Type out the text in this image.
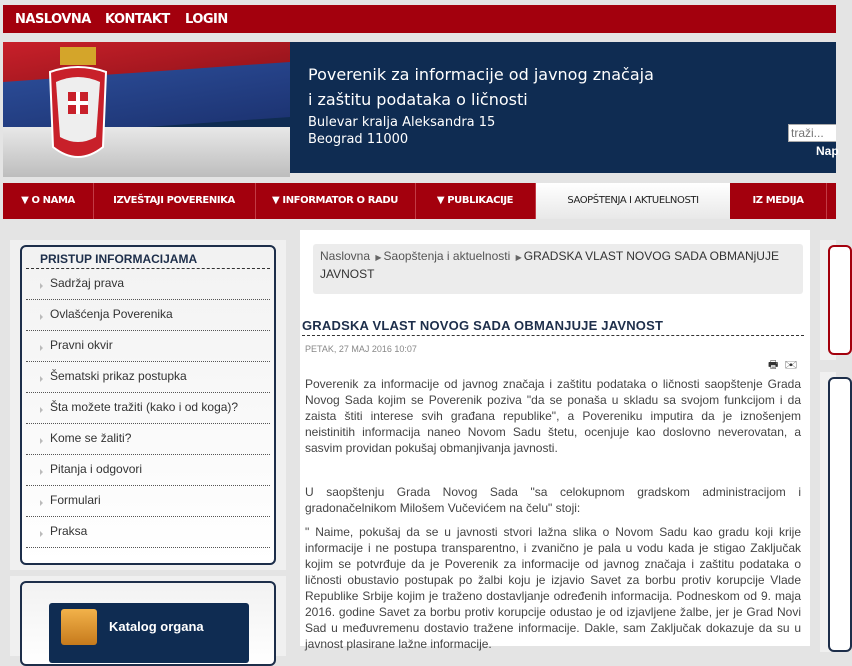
NASLOVNA KONTAKT LOGIN
Poverenik za informacije od javnog značaja
i zaštitu podataka o ličnosti
Bulevar kralja Aleksandra 15
Beograd 11000
traži...
Nap
▼ O NAMA	IZVEŠTAJI POVERENIKA	▼ INFORMATOR O RADU	▼ PUBLIKACIJE	SAOPŠTENJA I AKTUELNOSTI	IZ MEDIJA
PRISTUP INFORMACIJAMA
Sadržaj prava
Ovlašćenja Poverenika
Pravni okvir
Šematski prikaz postupka
Šta možete tražiti (kako i od koga)?
Kome se žaliti?
Pitanja i odgovori
Formulari
Praksa
Katalog organa
Naslovna ▶ Saopštenja i aktuelnosti ▶ GRADSKA VLAST NOVOG SADA OBMANjUJE JAVNOST
GRADSKA VLAST NOVOG SADA OBMANJUJE JAVNOST
PETAK, 27 MAJ 2016 10:07
🖶 ✉

Poverenik za informacije od javnog značaja i zaštitu podataka o ličnosti saopštenje Grada Novog Sada kojim se Poverenik poziva "da se ponaša u skladu sa svojom funkcijom i da zaista štiti interese svih građana republike", a Povereniku imputira da je iznošenjem neistinitih informacija naneo Novom Sadu štetu, ocenjuje kao doslovno neverovatan, a sasvim providan pokušaj obmanjivanja javnosti.

U saopštenju Grada Novog Sada "sa celokupnom gradskom administracijom i gradonačelnikom Milošem Vučevićem na čelu" stoji:

" Naime, pokušaj da se u javnosti stvori lažna slika o Novom Sadu kao gradu koji krije informacije i ne postupa transparentno, i zvanično je pala u vodu kada je stigao Zaključak kojim se potvrđuje da je Poverenik za informacije od javnog značaja i zaštitu podataka o ličnosti obustavio postupak po žalbi koju je izjavio Savet za borbu protiv korupcije Vlade Republike Srbije kojim je traženo dostavljanje određenih informacija. Podneskom od 9. maja 2016. godine Savet za borbu protiv korupcije odustao je od izjavljene žalbe, jer je Grad Novi Sad u međuvremenu dostavio tražene informacije. Dakle, sam Zaključak dokazuje da su u javnost plasirane lažne informacije.
